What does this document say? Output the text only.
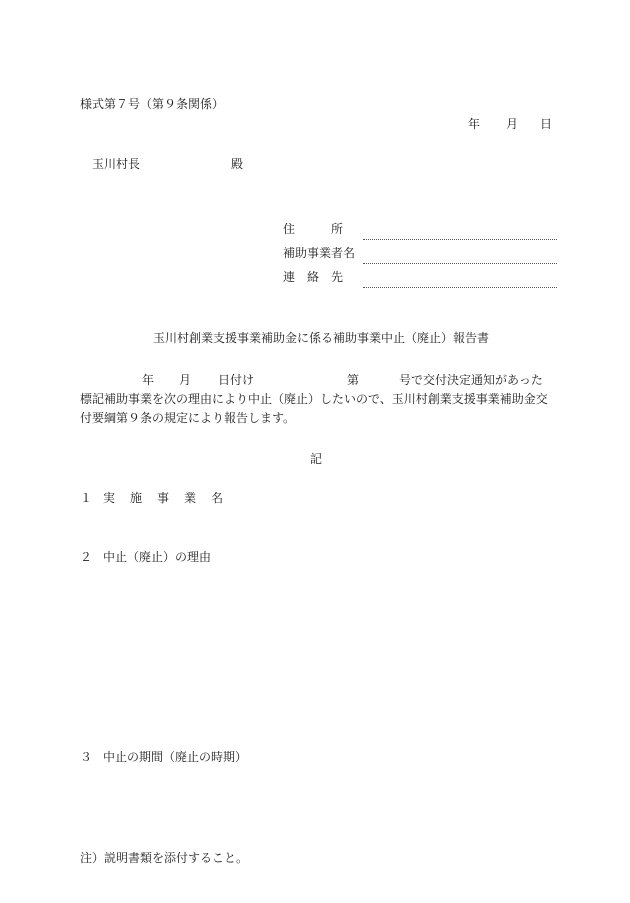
様式第７号（第９条関係）
年 月 日
玉川村長	殿
住　　　所
補助事業者名
連　絡　先
玉川村創業支援事業補助金に係る補助事業中止（廃止）報告書
年 月 日付け	第	号で交付決定通知があった
標記補助事業を次の理由により中止（廃止）したいので、玉川村創業支援事業補助金交
付要綱第９条の規定により報告します。
記
１ 実施事業名
２ 中止（廃止）の理由
３ 中止の期間（廃止の時期）
注）説明書類を添付すること。
